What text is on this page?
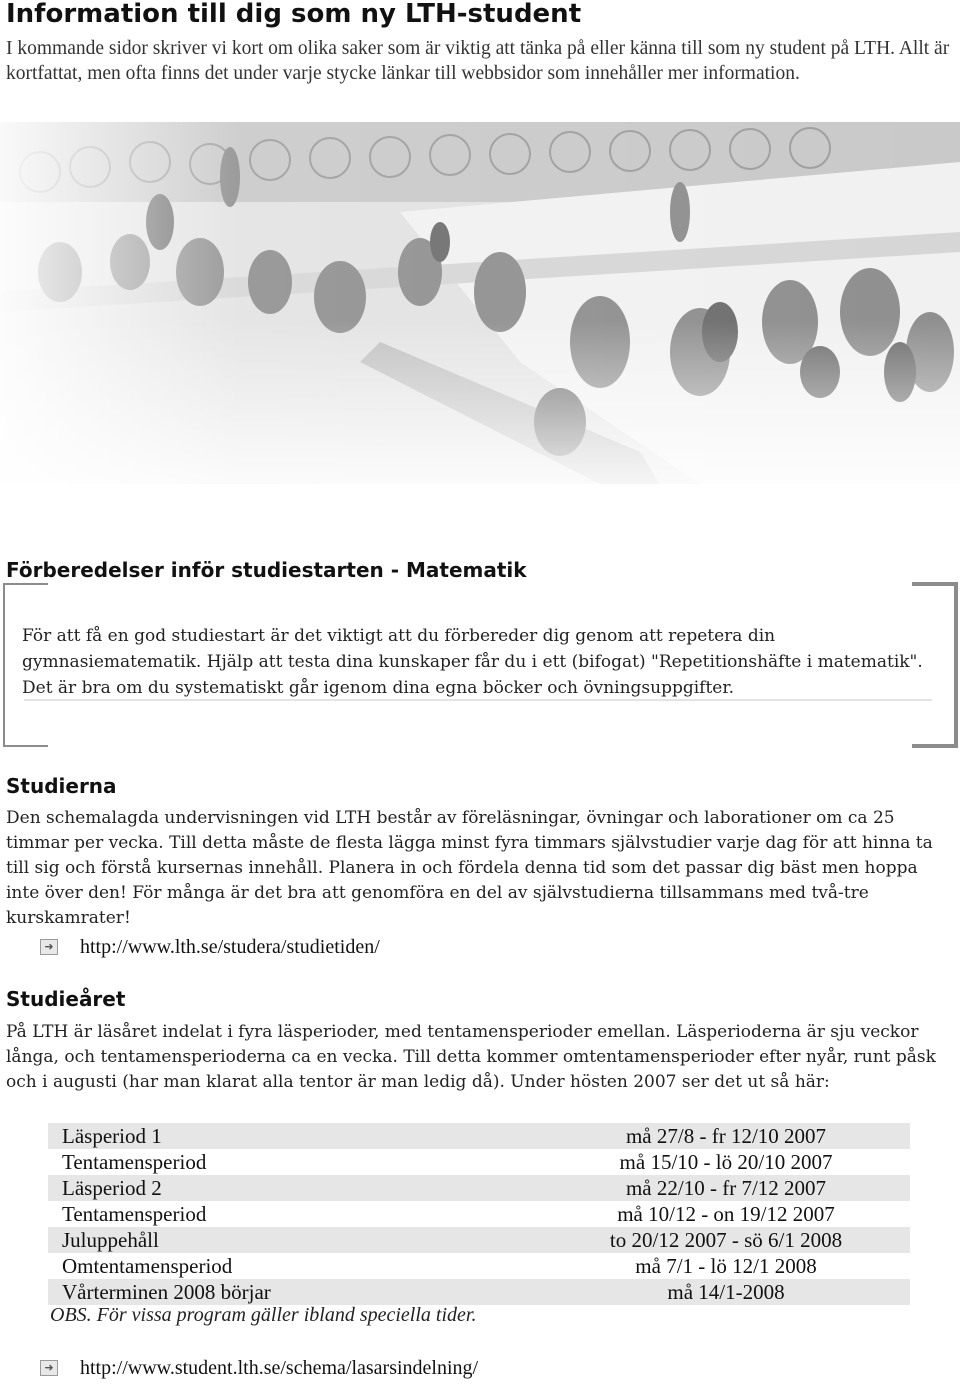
Information till dig som ny LTH-student
I kommande sidor skriver vi kort om olika saker som är viktig att tänka på eller känna till som ny student på LTH. Allt är kortfattat, men ofta finns det under varje stycke länkar till webbsidor som innehåller mer information.
Förberedelser inför studiestarten - Matematik
För att få en god studiestart är det viktigt att du förbereder dig genom att repetera din gymnasiematematik. Hjälp att testa dina kunskaper får du i ett (bifogat) "Repetitionshäfte i matematik". Det är bra om du systematiskt går igenom dina egna böcker och övningsuppgifter.
Studierna
Den schemalagda undervisningen vid LTH består av föreläsningar, övningar och laborationer om ca 25 timmar per vecka. Till detta måste de flesta lägga minst fyra timmars självstudier varje dag för att hinna ta till sig och förstå kursernas innehåll. Planera in och fördela denna tid som det passar dig bäst men hoppa inte över den! För många är det bra att genomföra en del av självstudierna tillsammans med två-tre kurskamrater!
➜ http://www.lth.se/studera/studietiden/
Studieåret
På LTH är läsåret indelat i fyra läsperioder, med tentamensperioder emellan. Läsperioderna är sju veckor långa, och tentamensperioderna ca en vecka. Till detta kommer omtentamensperioder efter nyår, runt påsk och i augusti (har man klarat alla tentor är man ledig då). Under hösten 2007 ser det ut så här:
Läsperiod 1	må 27/8 - fr 12/10 2007
Tentamensperiod	må 15/10 - lö 20/10 2007
Läsperiod 2	må 22/10 - fr 7/12 2007
Tentamensperiod	må 10/12 - on 19/12 2007
Juluppehåll	to 20/12 2007 - sö 6/1 2008
Omtentamensperiod	må 7/1 - lö 12/1 2008
Vårterminen 2008 börjar	må 14/1-2008
OBS. För vissa program gäller ibland speciella tider.
➜ http://www.student.lth.se/schema/lasarsindelning/
